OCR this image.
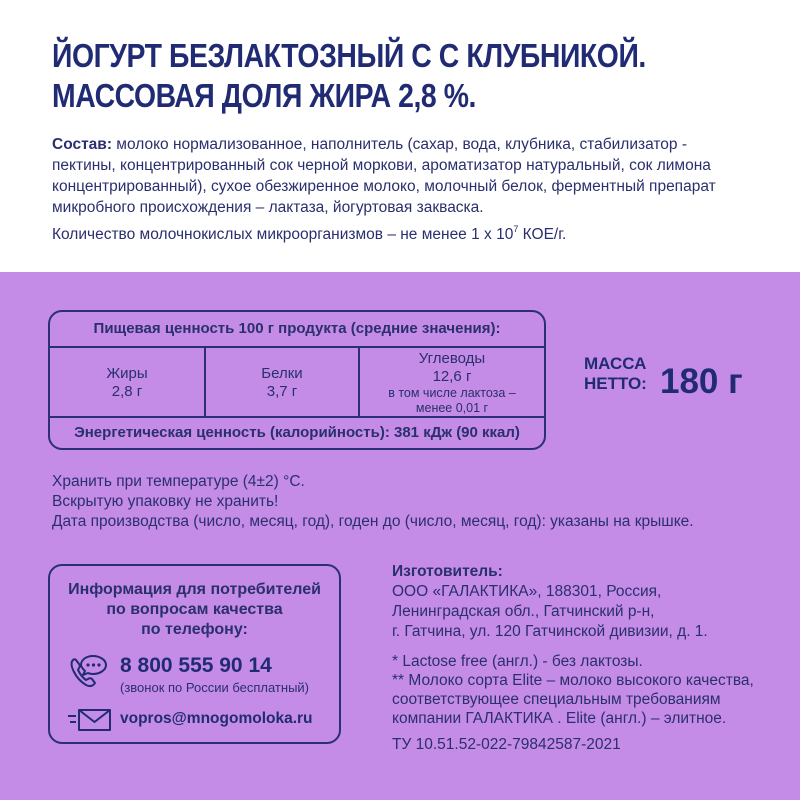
ЙОГУРТ БЕЗЛАКТОЗНЫЙ С С КЛУБНИКОЙ.
МАССОВАЯ ДОЛЯ ЖИРА 2,8 %.
Состав: молоко нормализованное, наполнитель (сахар, вода, клубника, стабилизатор - пектины, концентрированный сок черной моркови, ароматизатор натуральный, сок лимона концентрированный), сухое обезжиренное молоко, молочный белок, ферментный препарат микробного происхождения – лактаза, йогуртовая закваска.
Количество молочнокислых микроорганизмов – не менее 1 х $10^7$ КОЕ/г.
Пищевая ценность 100 г продукта (средние значения):
Жиры
2,8 г
Белки
3,7 г
Углеводы
12,6 г
в том числе лактоза –
менее 0,01 г
Энергетическая ценность (калорийность): 381 кДж (90 ккал)
МАССА
НЕТТО: 180 г
Хранить при температуре (4±2) °С.
Вскрытую упаковку не хранить!
Дата производства (число, месяц, год), годен до (число, месяц, год): указаны на крышке.
Информация для потребителей
по вопросам качества
по телефону:
8 800 555 90 14
(звонок по России бесплатный)
vopros@mnogomoloka.ru
Изготовитель:
ООО «ГАЛАКТИКА», 188301, Россия,
Ленинградская обл., Гатчинский р-н,
г. Гатчина, ул. 120 Гатчинской дивизии, д. 1.
* Lactose free (англ.) - без лактозы.
** Молоко сорта Elite – молоко высокого качества,
соответствующее специальным требованиям
компании ГАЛАКТИКА . Elite (англ.) – элитное.
ТУ 10.51.52-022-79842587-2021
